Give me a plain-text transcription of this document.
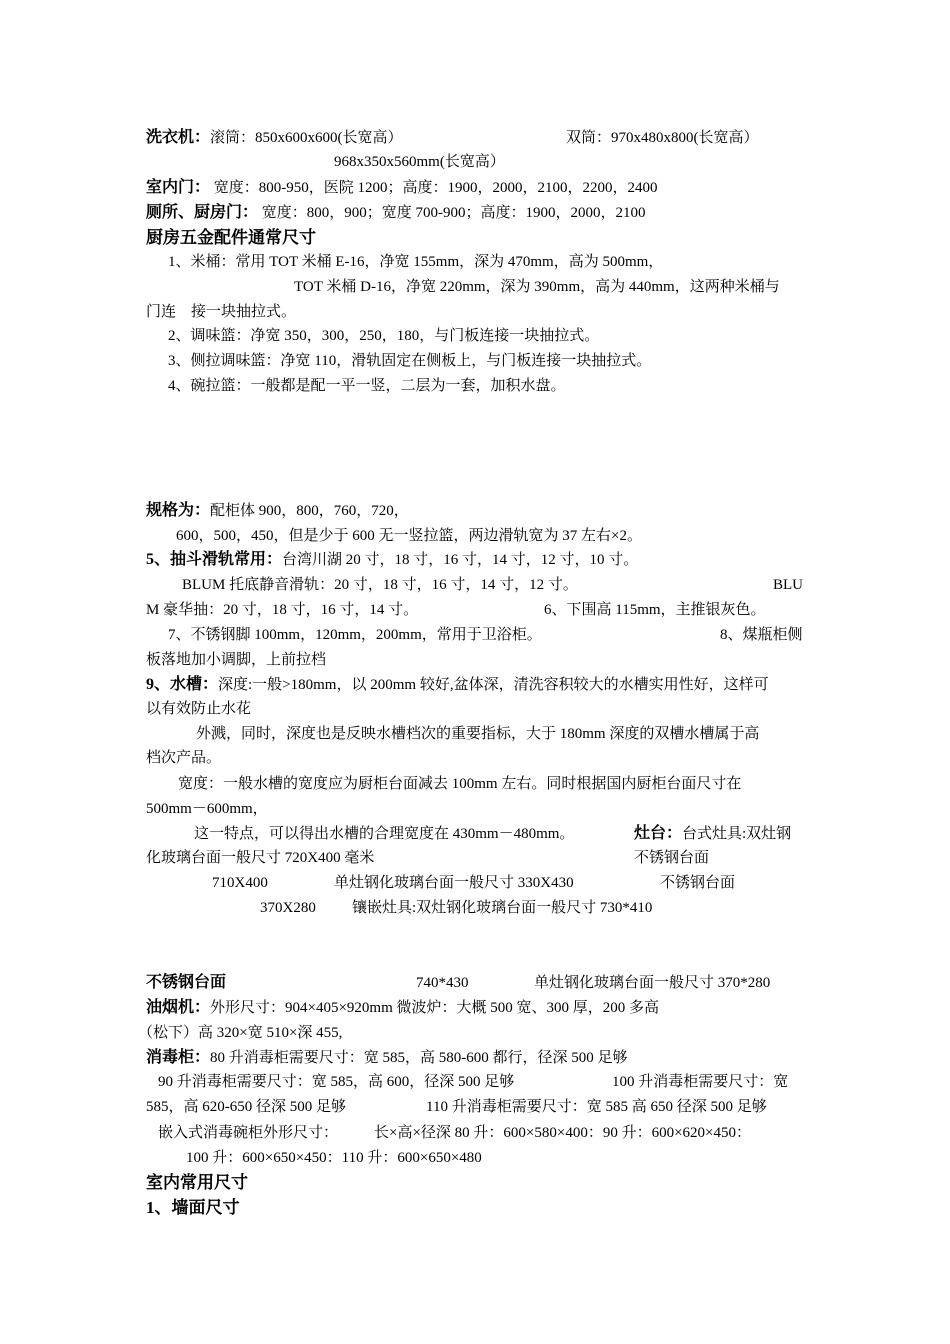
洗衣机：滚筒：850x600x600(长宽高）	双筒：970x480x800(长宽高）
968x350x560mm(长宽高）
室内门： 宽度：800-950，医院 1200；高度：1900，2000，2100，2200，2400
厕所、厨房门： 宽度：800，900；宽度 700-900；高度：1900，2000，2100
厨房五金配件通常尺寸
1、米桶：常用 TOT 米桶 E-16，净宽 155mm，深为 470mm，高为 500mm，
TOT 米桶 D-16，净宽 220mm，深为 390mm，高为 440mm，这两种米桶与
门连    接一块抽拉式。
2、调味篮：净宽 350，300，250，180，与门板连接一块抽拉式。
3、侧拉调味篮：净宽 110，滑轨固定在侧板上，与门板连接一块抽拉式。
4、碗拉篮：一般都是配一平一竖，二层为一套，加积水盘。
规格为：配柜体 900，800，760，720，
600，500，450，但是少于 600 无一竖拉篮，两边滑轨宽为 37 左右×2。
5、抽斗滑轨常用：台湾川湖 20 寸，18 寸，16 寸，14 寸，12 寸，10 寸。
BLUM 托底静音滑轨：20 寸，18 寸，16 寸，14 寸，12 寸。	BLU
M 豪华抽：20 寸，18 寸，16 寸，14 寸。	6、下围高 115mm，主推银灰色。
7、不锈钢脚 100mm，120mm，200mm，常用于卫浴柜。	8、煤瓶柜侧
板落地加小调脚，上前拉档
9、水槽：深度:一般>180mm，以 200mm 较好,盆体深，清洗容积较大的水槽实用性好，这样可
以有效防止水花
外溅，同时，深度也是反映水槽档次的重要指标，大于 180mm 深度的双槽水槽属于高
档次产品。
宽度：一般水槽的宽度应为厨柜台面减去 100mm 左右。同时根据国内厨柜台面尺寸在
500mm－600mm，
这一特点，可以得出水槽的合理宽度在 430mm－480mm。	灶台：台式灶具:双灶钢
化玻璃台面一般尺寸 720X400 毫米	不锈钢台面
710X400	单灶钢化玻璃台面一般尺寸 330X430	不锈钢台面
370X280 镶嵌灶具:双灶钢化玻璃台面一般尺寸 730*410
不锈钢台面	740*430	单灶钢化玻璃台面一般尺寸 370*280
油烟机：外形尺寸：904×405×920mm 微波炉：大概 500 宽、300 厚，200 多高
（松下）高 320×宽 510×深 455,
消毒柜：80 升消毒柜需要尺寸：宽 585，高 580-600 都行，径深 500 足够
90 升消毒柜需要尺寸：宽 585，高 600，径深 500 足够	100 升消毒柜需要尺寸：宽
585，高 620-650 径深 500 足够	110 升消毒柜需要尺寸：宽 585 高 650 径深 500 足够
嵌入式消毒碗柜外形尺寸： 长×高×径深 80 升：600×580×400：90 升：600×620×450：
100 升：600×650×450：110 升：600×650×480
室内常用尺寸
1、墙面尺寸
